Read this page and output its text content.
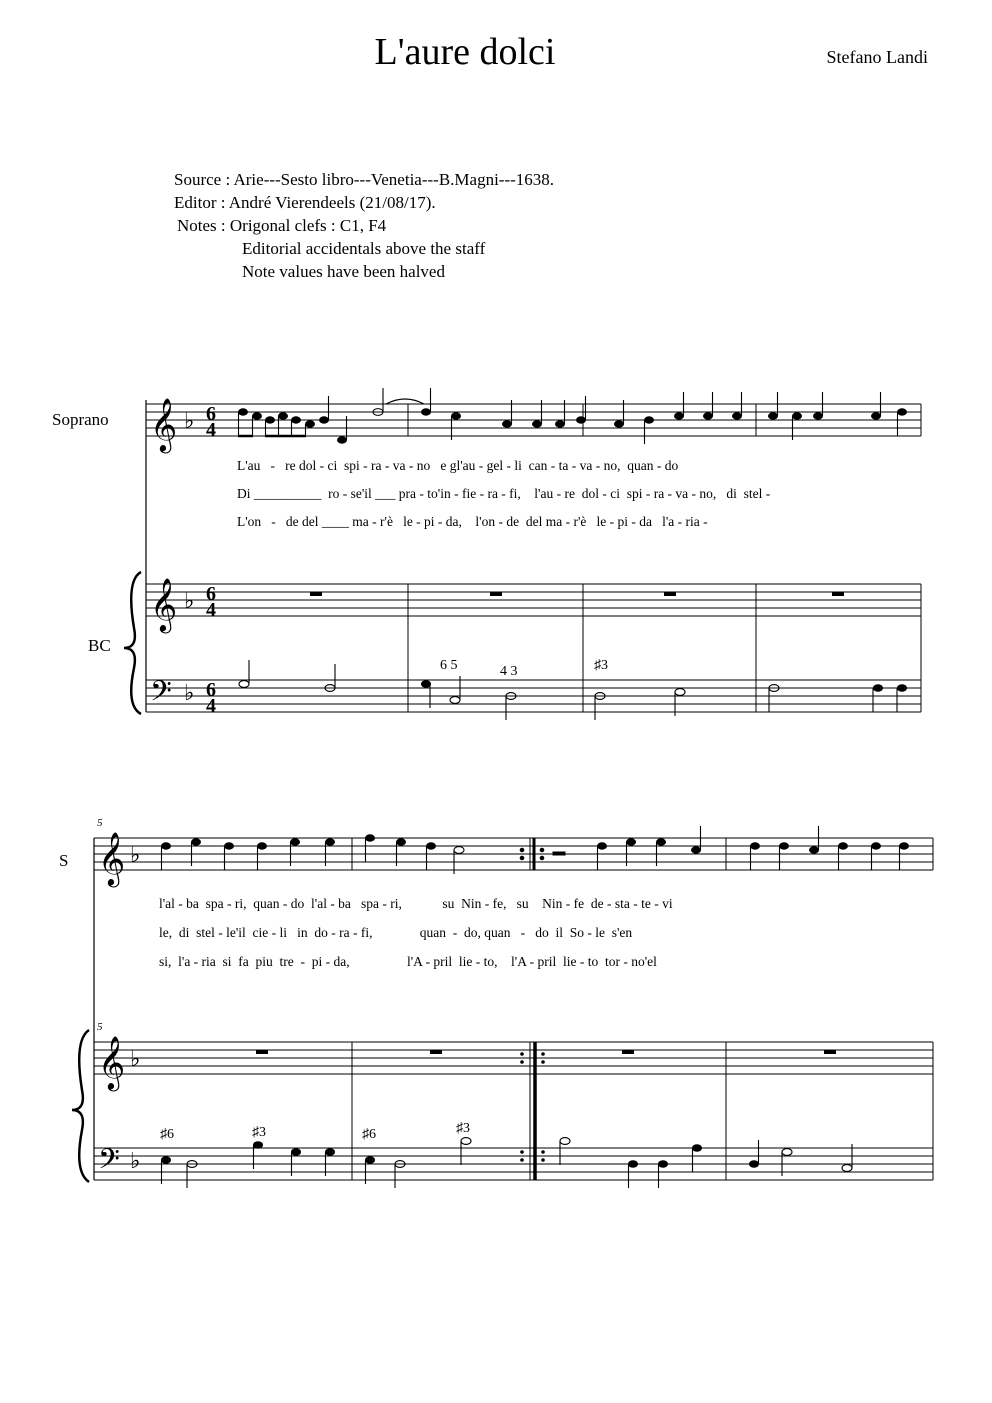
L'aure dolci	Stefano Landi
Source : Arie---Sesto libro---Venetia---B.Magni---1638.
Editor : André Vierendeels (21/08/17).
Notes : Origonal clefs : C1, F4
Editorial accidentals above the staff
Note values have been halved
Soprano
BC
𝄞 ♭ 6
4
L'au   -   re dol - ci  spi - ra - va - no   e gl'au - gel - li  can - ta - va - no,  quan - do
Di __________  ro - se'il ___ pra - to'in - fie - ra - fi,    l'au - re  dol - ci  spi - ra - va - no,   di  stel -
L'on   -   de del ____ ma - r'è   le - pi - da,    l'on - de  del ma - r'è   le - pi - da   l'a - ria -
𝄞 ♭ 6
4
𝄢 ♭ 6
4
6 5	4 3	♯3
S
5
5
𝄞 ♭
l'al - ba  spa - ri,  quan - do  l'al - ba   spa - ri,            su  Nin - fe,   su    Nin - fe  de - sta - te - vi
le,  di  stel - le'il  cie - li   in  do - ra - fi,              quan  -  do, quan   -   do  il  So - le  s'en
si,  l'a - ria  si  fa  piu  tre  -  pi - da,                 l'A - pril  lie - to,    l'A - pril  lie - to  tor - no'el
𝄞 ♭
𝄢 ♭
♯6	♯3	♯6	♯3
